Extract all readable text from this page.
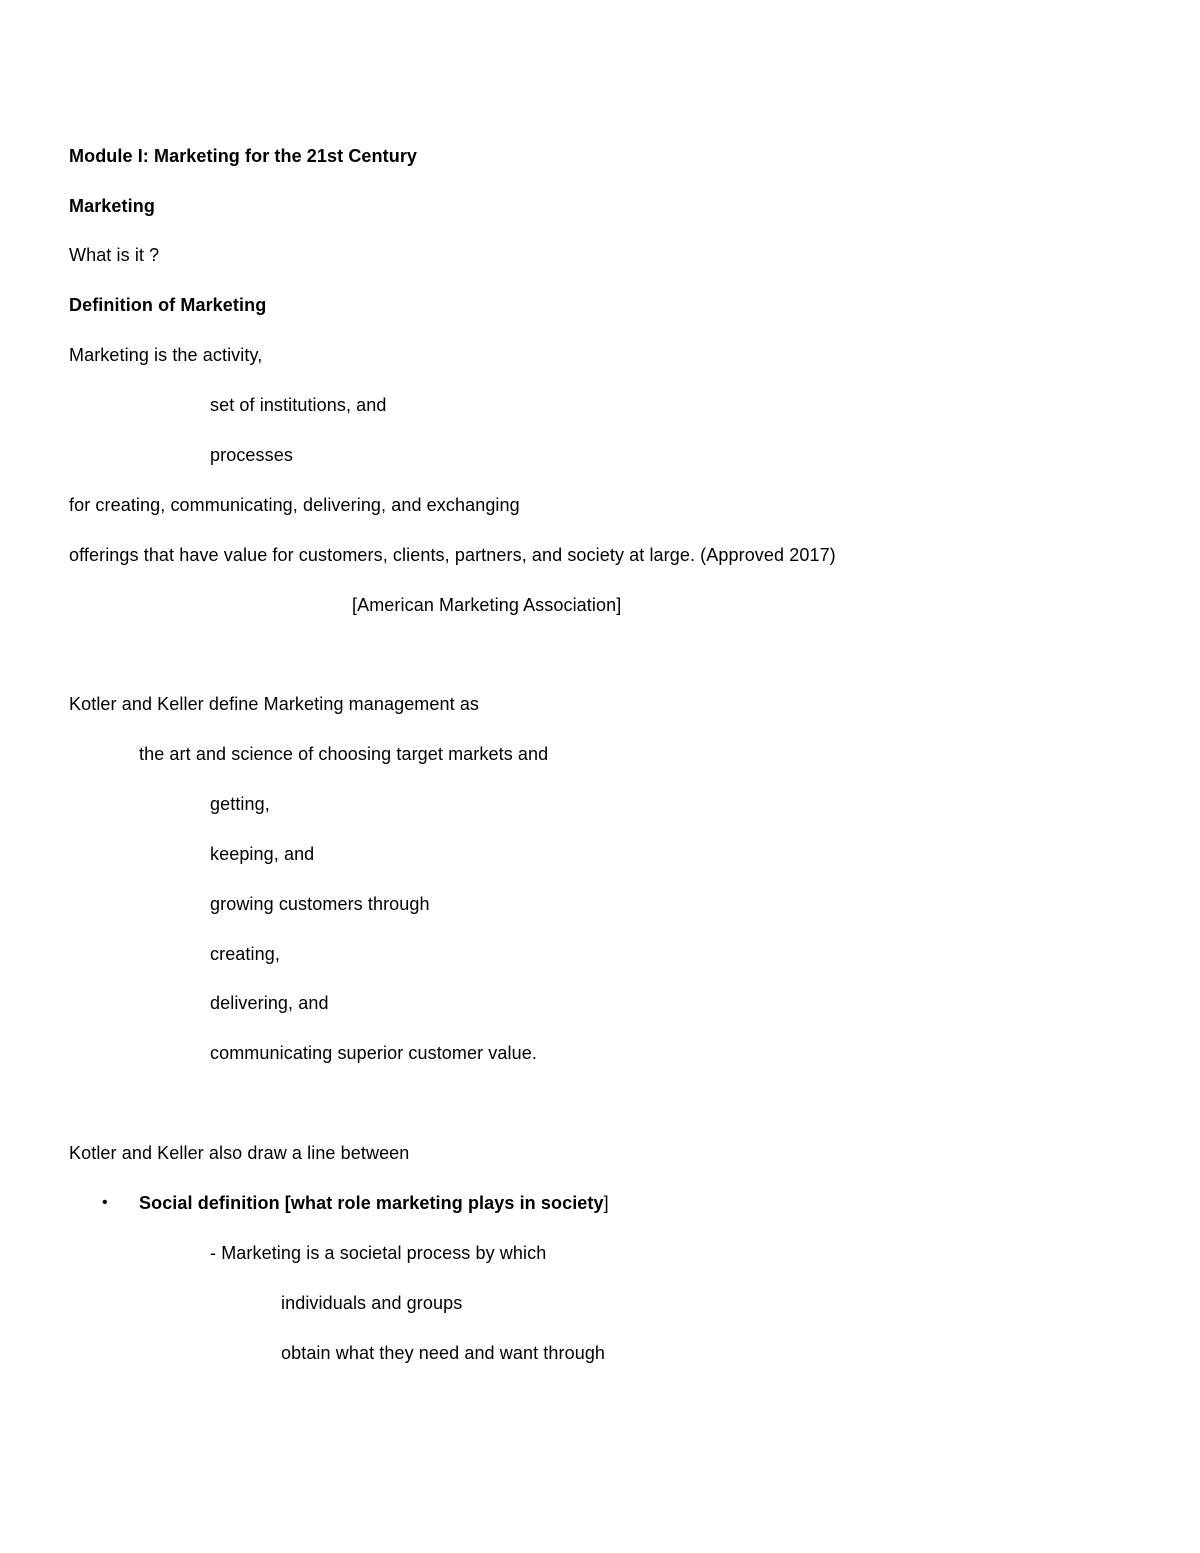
Module I: Marketing for the 21st Century
Marketing
What is it ?
Definition of Marketing
Marketing is the activity,
set of institutions, and
processes
for creating, communicating, delivering, and exchanging
offerings that have value for customers, clients, partners, and society at large. (Approved 2017)
[American Marketing Association]
Kotler and Keller define Marketing management as
the art and science of choosing target markets and
getting,
keeping, and
growing customers through
creating,
delivering, and
communicating superior customer value.
Kotler and Keller also draw a line between
• Social definition [what role marketing plays in society]
- Marketing is a societal process by which
individuals and groups
obtain what they need and want through
